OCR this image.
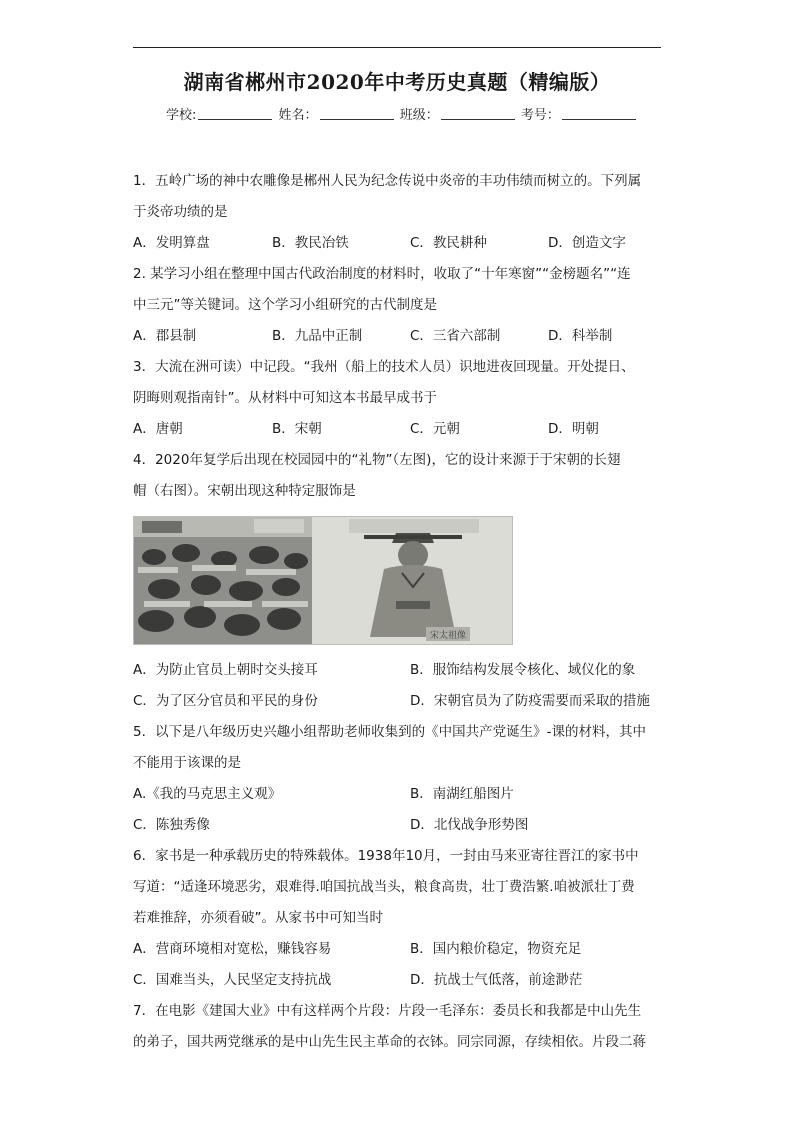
湖南省郴州市2020年中考历史真题（精编版）
学校:	姓名：	班级：	考号：
1．五岭广场的神中农雕像是郴州人民为纪念传说中炎帝的丰功伟绩而树立的。下列属
于炎帝功绩的是
A．发明算盘	B．教民冶铁	C．教民耕种	D．创造文字
2. 某学习小组在整理中国古代政治制度的材料时，收取了“十年寒窗”“金榜题名”“连
中三元”等关键词。这个学习小组研究的古代制度是
A．郡县制	B．九品中正制	C．三省六部制	D．科举制
3．大流在洲可读）中记段。“我州（船上的技术人员）识地进夜回现量。开处提日、
阴晦则观指南针”。从材料中可知这本书最早成书于
A．唐朝	B．宋朝	C．元朝	D．明朝
4．2020年复学后出现在校园园中的“礼物”（左图)，它的设计来源于于宋朝的长翅
帽（右图）。宋朝出现这种特定服饰是
宋太祖像
A．为防止官员上朝时交头接耳	B．服饰结构发展令核化、域仪化的象
C．为了区分官员和平民的身份	D．宋朝官员为了防疫需要而采取的措施
5．以下是八年级历史兴趣小组帮助老师收集到的《中国共产党诞生》-课的材料，其中
不能用于该课的是
A.《我的马克思主义观》	B．南湖红船图片
C．陈独秀像	D．北伐战争形势图
6．家书是一种承载历史的特殊载体。1938年10月，一封由马来亚寄往晋江的家书中
写道：“适逢环境恶劣，艰难得.咱国抗战当头，粮食高贵，壮丁费浩繁.咱被派壮丁费
若难推辞，亦须看破”。从家书中可知当时
A．营商环境相对宽松，赚钱容易	B．国内粮价稳定，物资充足
C．国难当头，人民坚定支持抗战	D．抗战士气低落，前途渺茫
7．在电影《建国大业》中有这样两个片段：片段一毛泽东：委员长和我都是中山先生
的弟子，国共两党继承的是中山先生民主革命的衣钵。同宗同源，存续相依。片段二蒋
